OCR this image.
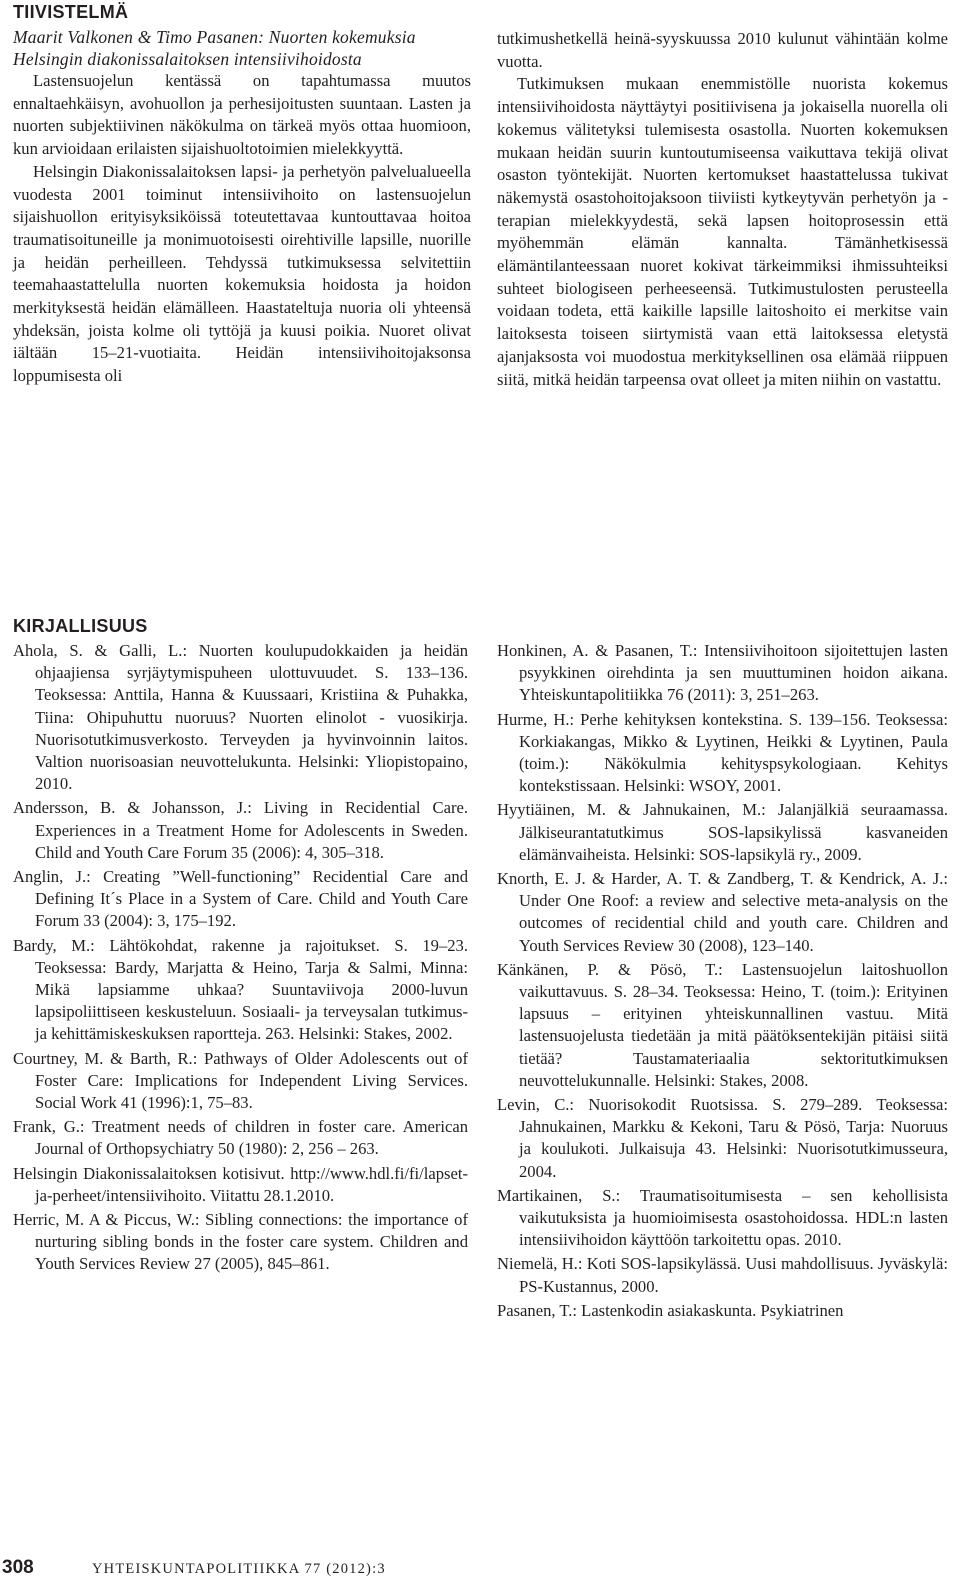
TIIVISTELMÄ

Maarit Valkonen & Timo Pasanen: Nuorten kokemuksia Helsingin diakonissalaitoksen intensiivihoidosta

Lastensuojelun kentässä on tapahtumassa muutos ennaltaehkäisyn, avohuollon ja perhesijoitusten suuntaan. Lasten ja nuorten subjektiivinen näkökulma on tärkeä myös ottaa huomioon, kun arvioidaan erilaisten sijaishuoltotoimien mielekkyyttä.

Helsingin Diakonissalaitoksen lapsi- ja perhetyön palvelualueella vuodesta 2001 toiminut intensiivihoito on lastensuojelun sijaishuollon erityisyksiköissä toteutettavaa kuntouttavaa hoitoa traumatisoituneille ja monimuotoisesti oirehtiville lapsille, nuorille ja heidän perheilleen. Tehdyssä tutkimuksessa selvitettiin teemahaastattelulla nuorten kokemuksia hoidosta ja hoidon merkityksestä heidän elämälleen. Haastateltuja nuoria oli yhteensä yhdeksän, joista kolme oli tyttöjä ja kuusi poikia. Nuoret olivat iältään 15–21-vuotiaita. Heidän intensiivihoitojaksonsa loppumisesta oli

tutkimushetkellä heinä-syyskuussa 2010 kulunut vähintään kolme vuotta.

Tutkimuksen mukaan enemmistölle nuorista kokemus intensiivihoidosta näyttäytyi positiivisena ja jokaisella nuorella oli kokemus välitetyksi tulemisesta osastolla. Nuorten kokemuksen mukaan heidän suurin kuntoutumiseensa vaikuttava tekijä olivat osaston työntekijät. Nuorten kertomukset haastattelussa tukivat näkemystä osastohoitojaksoon tiiviisti kytkeytyvän perhetyön ja -terapian mielekkyydestä, sekä lapsen hoitoprosessin että myöhemmän elämän kannalta. Tämänhetkisessä elämäntilanteessaan nuoret kokivat tärkeimmiksi ihmissuhteiksi suhteet biologiseen perheeseensä. Tutkimustulosten perusteella voidaan todeta, että kaikille lapsille laitoshoito ei merkitse vain laitoksesta toiseen siirtymistä vaan että laitoksessa eletystä ajanjaksosta voi muodostua merkityksellinen osa elämää riippuen siitä, mitkä heidän tarpeensa ovat olleet ja miten niihin on vastattu.

KIRJALLISUUS

Ahola, S. & Galli, L.: Nuorten koulupudokkaiden ja heidän ohjaajiensa syrjäytymispuheen ulottuvuudet. S. 133–136. Teoksessa: Anttila, Hanna & Kuussaari, Kristiina & Puhakka, Tiina: Ohipuhuttu nuoruus? Nuorten elinolot - vuosikirja. Nuorisotutkimusverkosto. Terveyden ja hyvinvoinnin laitos. Valtion nuorisoasian neuvottelukunta. Helsinki: Yliopistopaino, 2010.

Andersson, B. & Johansson, J.: Living in Recidential Care. Experiences in a Treatment Home for Adolescents in Sweden. Child and Youth Care Forum 35 (2006): 4, 305–318.

Anglin, J.: Creating ”Well-functioning” Recidential Care and Defining It´s Place in a System of Care. Child and Youth Care Forum 33 (2004): 3, 175–192.

Bardy, M.: Lähtökohdat, rakenne ja rajoitukset. S. 19–23. Teoksessa: Bardy, Marjatta & Heino, Tarja & Salmi, Minna: Mikä lapsiamme uhkaa? Suuntaviivoja 2000-luvun lapsipoliittiseen keskusteluun. Sosiaali- ja terveysalan tutkimus- ja kehittämiskeskuksen raportteja. 263. Helsinki: Stakes, 2002.

Courtney, M. & Barth, R.: Pathways of Older Adolescents out of Foster Care: Implications for Independent Living Services. Social Work 41 (1996):1, 75–83.

Frank, G.: Treatment needs of children in foster care. American Journal of Orthopsychiatry 50 (1980): 2, 256 – 263.

Helsingin Diakonissalaitoksen kotisivut. http://www.hdl.fi/fi/lapset-ja-perheet/intensiivihoito. Viitattu 28.1.2010.

Herric, M. A & Piccus, W.: Sibling connections: the importance of nurturing sibling bonds in the foster care system. Children and Youth Services Review 27 (2005), 845–861.

Honkinen, A. & Pasanen, T.: Intensiivihoitoon sijoitettujen lasten psyykkinen oirehdinta ja sen muuttuminen hoidon aikana. Yhteiskuntapolitiikka 76 (2011): 3, 251–263.

Hurme, H.: Perhe kehityksen kontekstina. S. 139–156. Teoksessa: Korkiakangas, Mikko & Lyytinen, Heikki & Lyytinen, Paula (toim.): Näkökulmia kehityspsykologiaan. Kehitys kontekstissaan. Helsinki: WSOY, 2001.

Hyytiäinen, M. & Jahnukainen, M.: Jalanjälkiä seuraamassa. Jälkiseurantatutkimus SOS-lapsikylissä kasvaneiden elämänvaiheista. Helsinki: SOS-lapsikylä ry., 2009.

Knorth, E. J. & Harder, A. T. & Zandberg, T. & Kendrick, A. J.: Under One Roof: a review and selective meta-analysis on the outcomes of recidential child and youth care. Children and Youth Services Review 30 (2008), 123–140.

Känkänen, P. & Pösö, T.: Lastensuojelun laitoshuollon vaikuttavuus. S. 28–34. Teoksessa: Heino, T. (toim.): Erityinen lapsuus – erityinen yhteiskunnallinen vastuu. Mitä lastensuojelusta tiedetään ja mitä päätöksentekijän pitäisi siitä tietää? Taustamateriaalia sektoritutkimuksen neuvottelukunnalle. Helsinki: Stakes, 2008.

Levin, C.: Nuorisokodit Ruotsissa. S. 279–289. Teoksessa: Jahnukainen, Markku & Kekoni, Taru & Pösö, Tarja: Nuoruus ja koulukoti. Julkaisuja 43. Helsinki: Nuorisotutkimusseura, 2004.

Martikainen, S.: Traumatisoitumisesta – sen kehollisista vaikutuksista ja huomioimisesta osastohoidossa. HDL:n lasten intensiivihoidon käyttöön tarkoitettu opas. 2010.

Niemelä, H.: Koti SOS-lapsikylässä. Uusi mahdollisuus. Jyväskylä: PS-Kustannus, 2000.

Pasanen, T.: Lastenkodin asiakaskunta. Psykiatrinen

308	YHTEISKUNTAPOLITIIKKA 77 (2012):3
